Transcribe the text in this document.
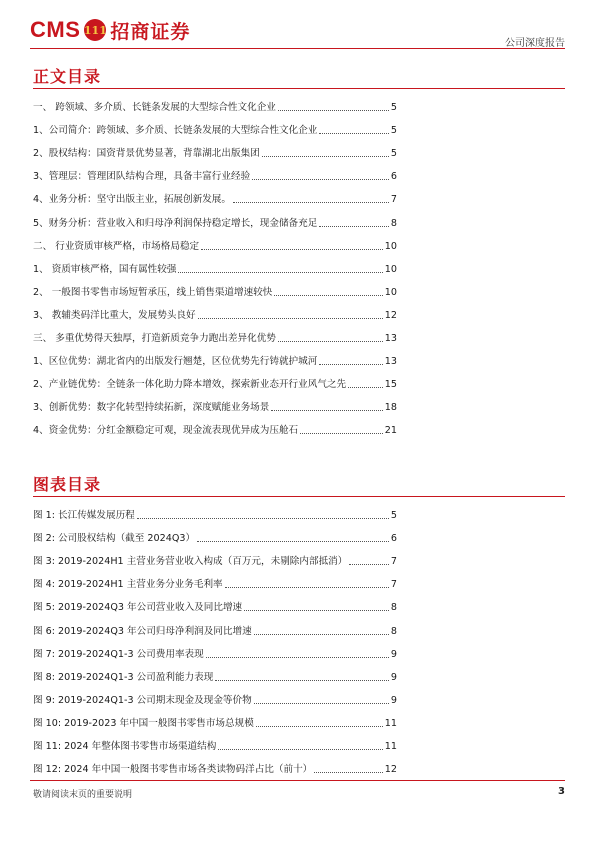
CMS 111 招商证券
公司深度报告
正文目录
一、 跨领域、多介质、长链条发展的大型综合性文化企业	5
1、公司简介：跨领域、多介质、长链条发展的大型综合性文化企业	5
2、股权结构：国资背景优势显著，背靠湖北出版集团	5
3、管理层：管理团队结构合理，具备丰富行业经验	6
4、业务分析：坚守出版主业，拓展创新发展。	7
5、财务分析：营业收入和归母净利润保持稳定增长，现金储备充足	8
二、 行业资质审核严格，市场格局稳定	10
1、 资质审核严格，国有属性较强	10
2、 一般图书零售市场短暂承压，线上销售渠道增速较快	10
3、 教辅类码洋比重大，发展势头良好	12
三、 多重优势得天独厚，打造新质竞争力跑出差异化优势	13
1、区位优势：湖北省内的出版发行翘楚，区位优势先行铸就护城河	13
2、产业链优势：全链条一体化助力降本增效，探索新业态开行业风气之先	15
3、创新优势：数字化转型持续拓新，深度赋能业务场景	18
4、资金优势：分红金额稳定可观，现金流表现优异成为压舱石	21
图表目录
图 1: 长江传媒发展历程	5
图 2: 公司股权结构（截至 2024Q3）	6
图 3: 2019-2024H1 主营业务营业收入构成（百万元，未剔除内部抵消）	7
图 4: 2019-2024H1 主营业务分业务毛利率	7
图 5: 2019-2024Q3 年公司营业收入及同比增速	8
图 6: 2019-2024Q3 年公司归母净利润及同比增速	8
图 7: 2019-2024Q1-3 公司费用率表现	9
图 8: 2019-2024Q1-3 公司盈利能力表现	9
图 9: 2019-2024Q1-3 公司期末现金及现金等价物	9
图 10: 2019-2023 年中国一般图书零售市场总规模	11
图 11: 2024 年整体图书零售市场渠道结构	11
图 12: 2024 年中国一般图书零售市场各类读物码洋占比（前十）	12
敬请阅读末页的重要说明	3
